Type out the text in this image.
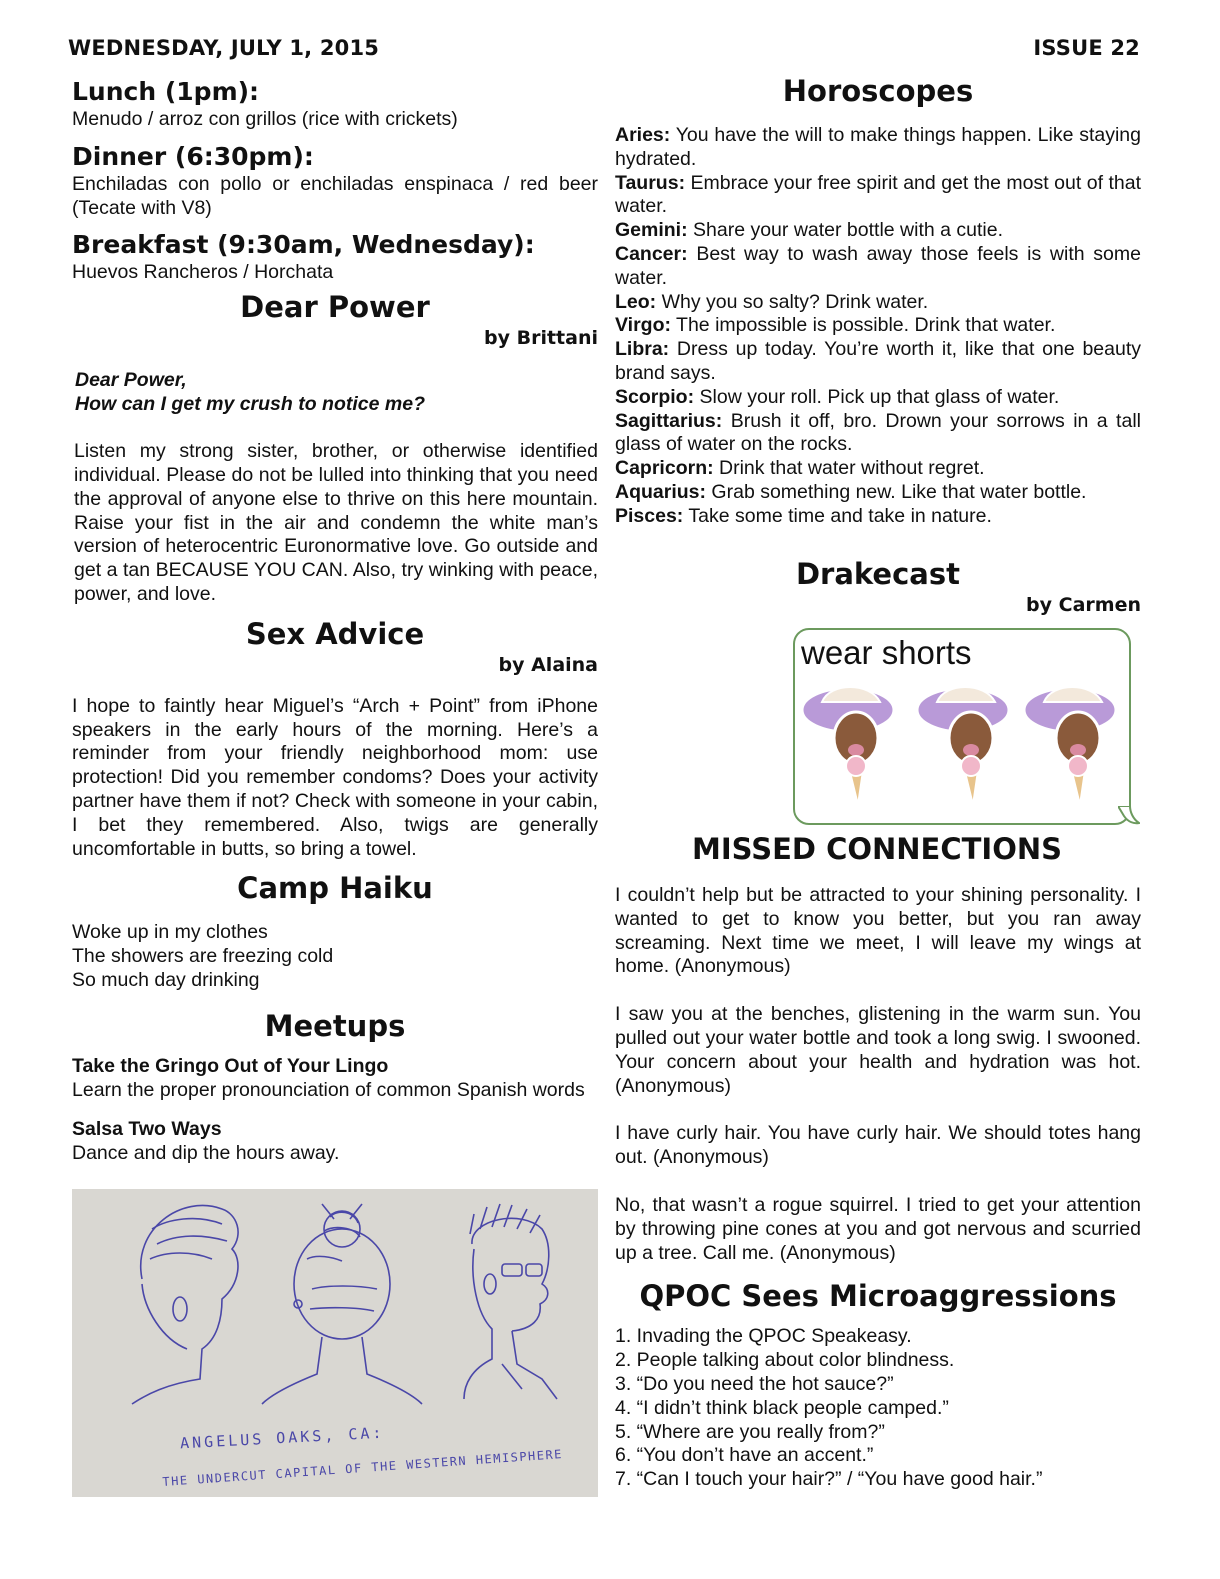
WEDNESDAY, JULY 1, 2015	ISSUE 22
Lunch (1pm):
Menudo / arroz con grillos (rice with crickets)
Dinner (6:30pm):
Enchiladas con pollo or enchiladas enspinaca / red beer (Tecate with V8)
Breakfast (9:30am, Wednesday):
Huevos Rancheros / Horchata
Dear Power
by Brittani
Dear Power,
How can I get my crush to notice me?
Listen my strong sister, brother, or otherwise identified individual. Please do not be lulled into thinking that you need the approval of anyone else to thrive on this here mountain. Raise your fist in the air and condemn the white man’s version of heterocentric Euronormative love. Go outside and get a tan BECAUSE YOU CAN. Also, try winking with peace, power, and love.
Sex Advice
by Alaina
I hope to faintly hear Miguel’s “Arch + Point” from iPhone speakers in the early hours of the morning. Here’s a reminder from your friendly neighborhood mom: use protection! Did you remember condoms? Does your activity partner have them if not? Check with someone in your cabin, I bet they remembered. Also, twigs are generally uncomfortable in butts, so bring a towel.
Camp Haiku
Woke up in my clothes
The showers are freezing cold
So much day drinking
Meetups
Take the Gringo Out of Your Lingo
Learn the proper pronounciation of common Spanish words
Salsa Two Ways
Dance and dip the hours away.
ANGELUS OAKS, CA:
THE UNDERCUT CAPITAL OF THE WESTERN HEMISPHERE
Horoscopes
Aries: You have the will to make things happen. Like staying hydrated.
Taurus: Embrace your free spirit and get the most out of that water.
Gemini: Share your water bottle with a cutie.
Cancer: Best way to wash away those feels is with some water.
Leo: Why you so salty? Drink water.
Virgo: The impossible is possible. Drink that water.
Libra: Dress up today. You’re worth it, like that one beauty brand says.
Scorpio: Slow your roll. Pick up that glass of water.
Sagittarius: Brush it off, bro. Drown your sorrows in a tall glass of water on the rocks.
Capricorn: Drink that water without regret.
Aquarius: Grab something new. Like that water bottle.
Pisces: Take some time and take in nature.
Drakecast
by Carmen
wear shorts
MISSED CONNECTIONS
I couldn’t help but be attracted to your shining personality. I wanted to get to know you better, but you ran away screaming. Next time we meet, I will leave my wings at home. (Anonymous)
I saw you at the benches, glistening in the warm sun. You pulled out your water bottle and took a long swig. I swooned. Your concern about your health and hydration was hot. (Anonymous)
I have curly hair. You have curly hair. We should totes hang out. (Anonymous)
No, that wasn’t a rogue squirrel. I tried to get your attention by throwing pine cones at you and got nervous and scurried up a tree. Call me. (Anonymous)
QPOC Sees Microaggressions
1. Invading the QPOC Speakeasy.
2. People talking about color blindness.
3. “Do you need the hot sauce?”
4. “I didn’t think black people camped.”
5. “Where are you really from?”
6. “You don’t have an accent.”
7. “Can I touch your hair?” / “You have good hair.”
